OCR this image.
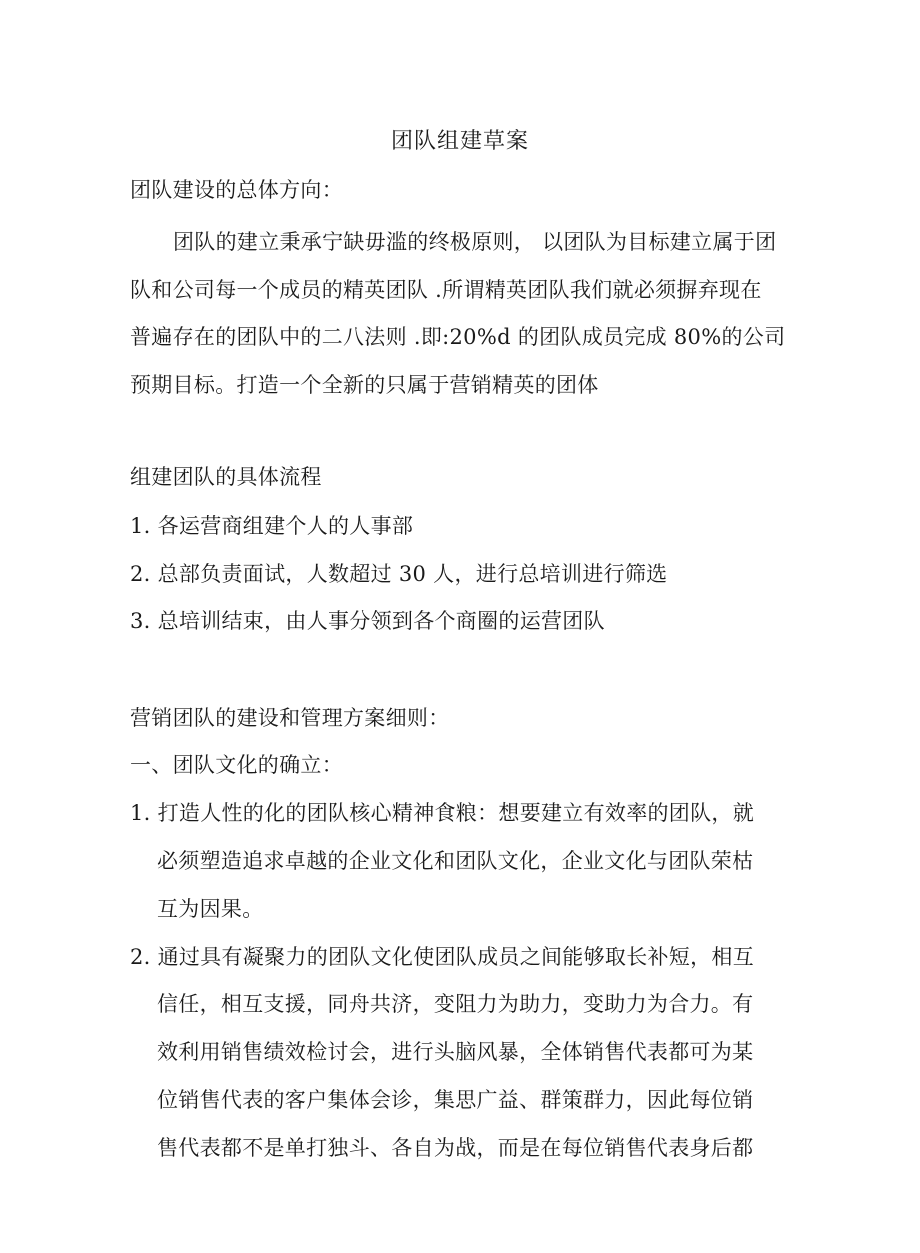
团队组建草案
团队建设的总体方向：
团队的建立秉承宁缺毋滥的终极原则， 以团队为目标建立属于团
队和公司每一个成员的精英团队 .所谓精英团队我们就必须摒弃现在
普遍存在的团队中的二八法则 .即:20%d 的团队成员完成 80%的公司
预期目标。打造一个全新的只属于营销精英的团体
组建团队的具体流程
1. 各运营商组建个人的人事部
2. 总部负责面试，人数超过 30 人，进行总培训进行筛选
3. 总培训结束，由人事分领到各个商圈的运营团队
营销团队的建设和管理方案细则：
一、团队文化的确立：
1. 打造人性的化的团队核心精神食粮：想要建立有效率的团队，就
必须塑造追求卓越的企业文化和团队文化，企业文化与团队荣枯
互为因果。
2. 通过具有凝聚力的团队文化使团队成员之间能够取长补短，相互
信任，相互支援，同舟共济，变阻力为助力，变助力为合力。有
效利用销售绩效检讨会，进行头脑风暴，全体销售代表都可为某
位销售代表的客户集体会诊，集思广益、群策群力，因此每位销
售代表都不是单打独斗、各自为战，而是在每位销售代表身后都
